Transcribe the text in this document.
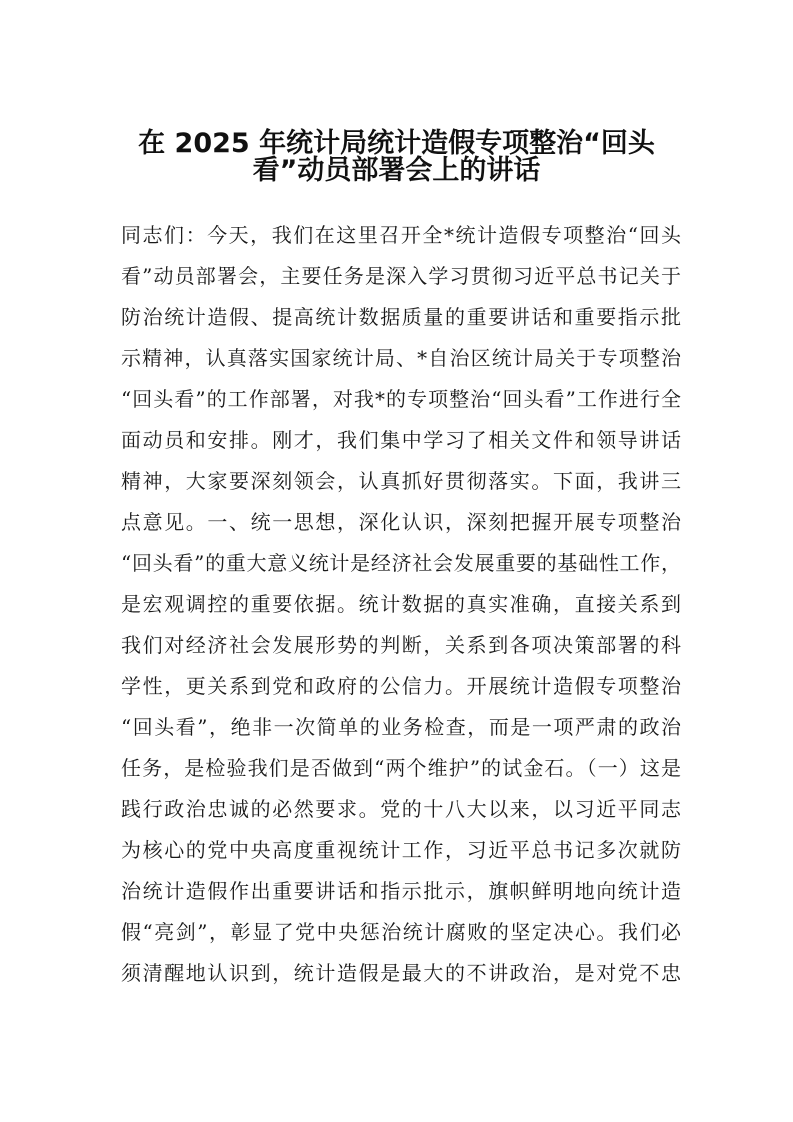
在 2025 年统计局统计造假专项整治“回头
看”动员部署会上的讲话
同志们：今天，我们在这里召开全*统计造假专项整治“回头
看”动员部署会，主要任务是深入学习贯彻习近平总书记关于
防治统计造假、提高统计数据质量的重要讲话和重要指示批
示精神，认真落实国家统计局、*自治区统计局关于专项整治
“回头看”的工作部署，对我*的专项整治“回头看”工作进行全
面动员和安排。刚才，我们集中学习了相关文件和领导讲话
精神，大家要深刻领会，认真抓好贯彻落实。下面，我讲三
点意见。一、统一思想，深化认识，深刻把握开展专项整治
“回头看”的重大意义统计是经济社会发展重要的基础性工作，
是宏观调控的重要依据。统计数据的真实准确，直接关系到
我们对经济社会发展形势的判断，关系到各项决策部署的科
学性，更关系到党和政府的公信力。开展统计造假专项整治
“回头看”，绝非一次简单的业务检查，而是一项严肃的政治
任务，是检验我们是否做到“两个维护”的试金石。（一）这是
践行政治忠诚的必然要求。党的十八大以来，以习近平同志
为核心的党中央高度重视统计工作，习近平总书记多次就防
治统计造假作出重要讲话和指示批示，旗帜鲜明地向统计造
假“亮剑”，彰显了党中央惩治统计腐败的坚定决心。我们必
须清醒地认识到，统计造假是最大的不讲政治，是对党不忠
